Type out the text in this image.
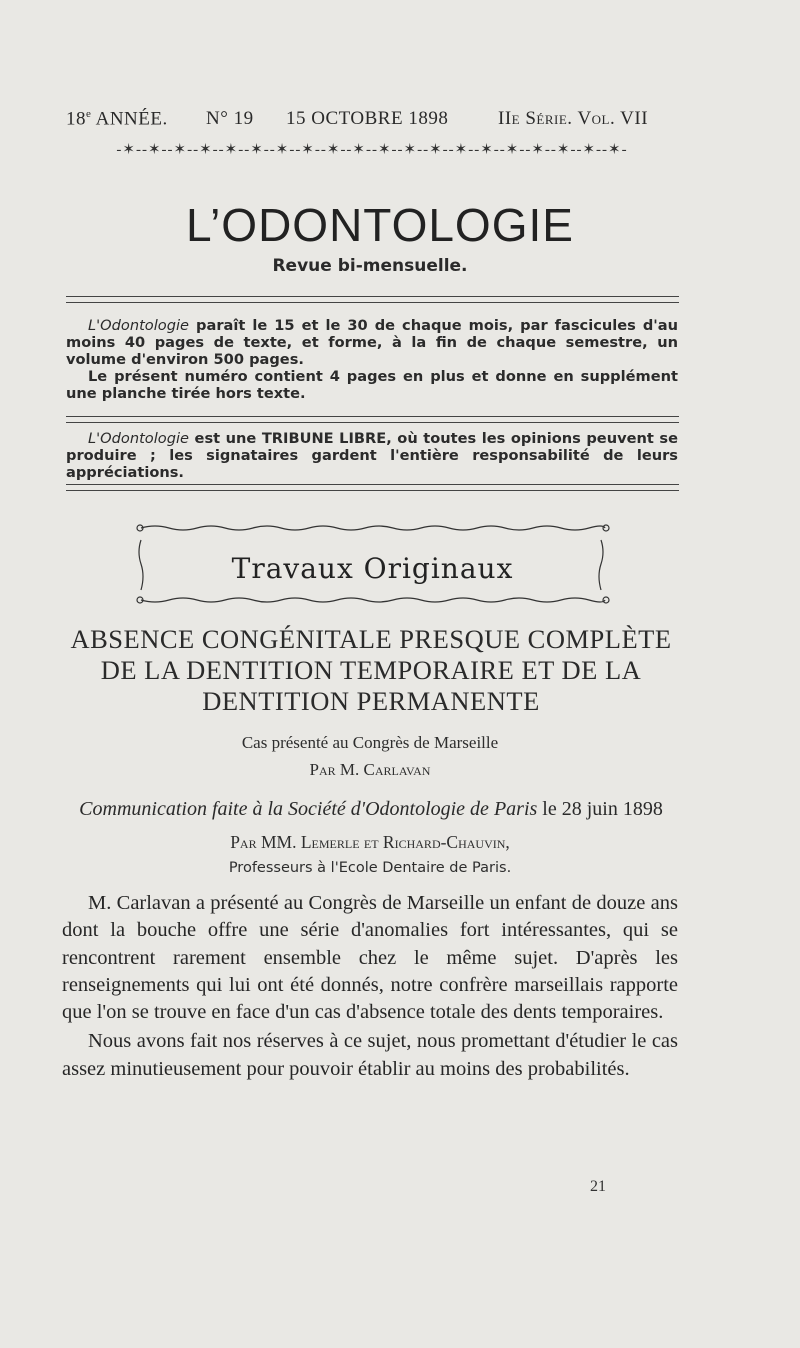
18e ANNÉE. N° 19 15 OCTOBRE 1898	IIe Série. Vol. VII
-✶--✶--✶--✶--✶--✶--✶--✶--✶--✶--✶--✶--✶--✶--✶--✶--✶--✶--✶--✶-
L’ODONTOLOGIE
Revue bi-mensuelle.

L'Odontologie paraît le 15 et le 30 de chaque mois, par fascicules d'au moins 40 pages de texte, et forme, à la fin de chaque semestre, un volume d'environ 500 pages.

Le présent numéro contient 4 pages en plus et donne en supplément une planche tirée hors texte.

L'Odontologie est une TRIBUNE LIBRE, où toutes les opinions peuvent se produire ; les signataires gardent l'entière responsabilité de leurs appréciations.

Travaux Originaux
ABSENCE CONGÉNITALE PRESQUE COMPLÈTE DE LA DENTITION TEMPORAIRE ET DE LA DENTITION PERMANENTE
Cas présenté au Congrès de Marseille
Par M. Carlavan
Communication faite à la Société d'Odontologie de Paris le 28 juin 1898
Par MM. Lemerle et Richard-Chauvin,
Professeurs à l'Ecole Dentaire de Paris.

M. Carlavan a présenté au Congrès de Marseille un enfant de douze ans dont la bouche offre une série d'anomalies fort intéressantes, qui se rencontrent rarement ensemble chez le même sujet. D'après les renseignements qui lui ont été donnés, notre confrère marseillais rapporte que l'on se trouve en face d'un cas d'absence totale des dents temporaires.

Nous avons fait nos réserves à ce sujet, nous promettant d'étudier le cas assez minutieusement pour pouvoir établir au moins des probabilités.

21
